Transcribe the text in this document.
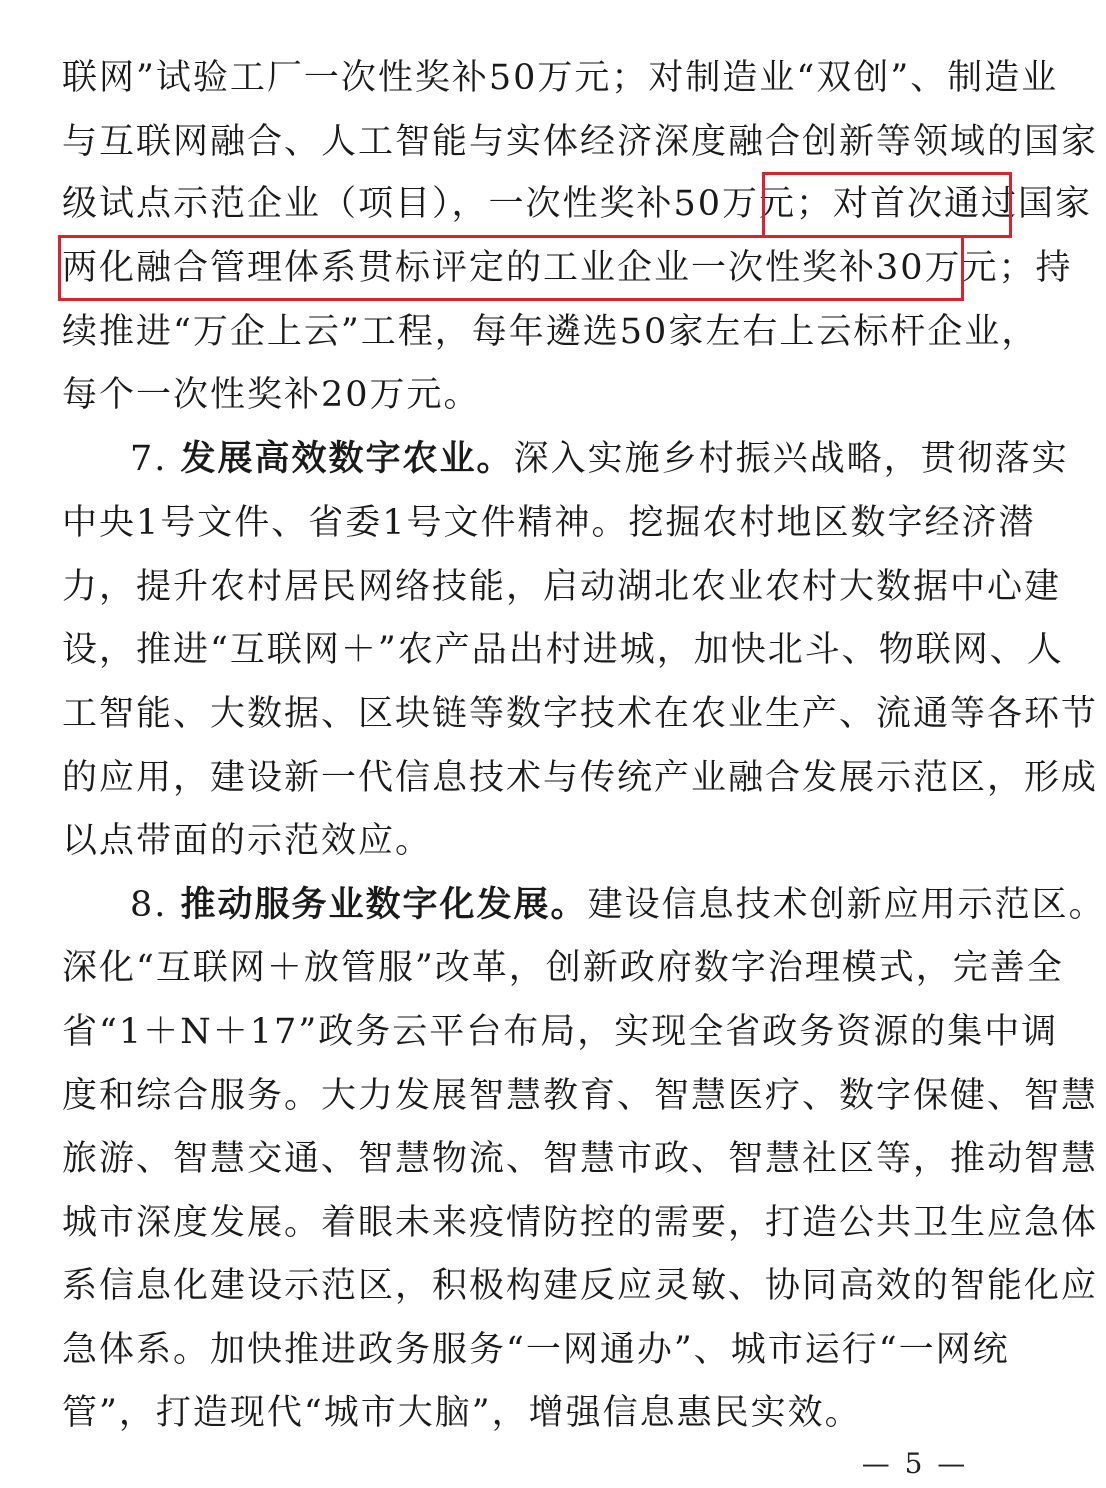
联网”试验工厂一次性奖补50万元；对制造业“双创”、制造业
与互联网融合、人工智能与实体经济深度融合创新等领域的国家
级试点示范企业（项目），一次性奖补50万元；对首次通过国家
两化融合管理体系贯标评定的工业企业一次性奖补30万元；持
续推进“万企上云”工程，每年遴选50家左右上云标杆企业，
每个一次性奖补20万元。
7. 发展高效数字农业。深入实施乡村振兴战略，贯彻落实
中央1号文件、省委1号文件精神。挖掘农村地区数字经济潜
力，提升农村居民网络技能，启动湖北农业农村大数据中心建
设，推进“互联网＋”农产品出村进城，加快北斗、物联网、人
工智能、大数据、区块链等数字技术在农业生产、流通等各环节
的应用，建设新一代信息技术与传统产业融合发展示范区，形成
以点带面的示范效应。
8. 推动服务业数字化发展。建设信息技术创新应用示范区。
深化“互联网＋放管服”改革，创新政府数字治理模式，完善全
省“1＋N＋17”政务云平台布局，实现全省政务资源的集中调
度和综合服务。大力发展智慧教育、智慧医疗、数字保健、智慧
旅游、智慧交通、智慧物流、智慧市政、智慧社区等，推动智慧
城市深度发展。着眼未来疫情防控的需要，打造公共卫生应急体
系信息化建设示范区，积极构建反应灵敏、协同高效的智能化应
急体系。加快推进政务服务“一网通办”、城市运行“一网统
管”，打造现代“城市大脑”，增强信息惠民实效。
— 5 —
